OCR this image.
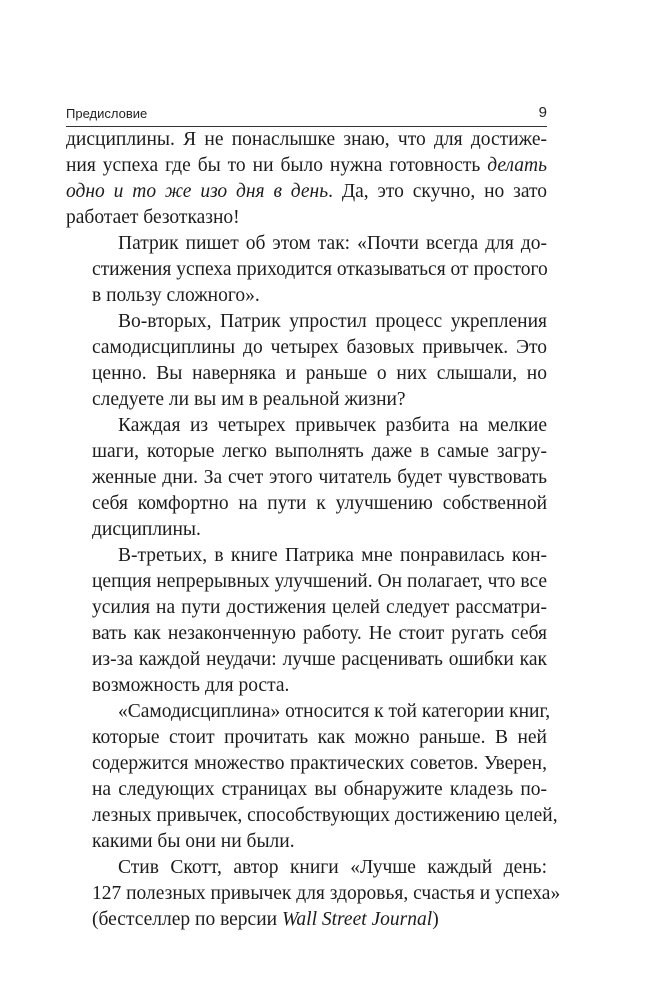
Предисловие	9
дисциплины. Я не понаслышке знаю, что для достиже-
ния успеха где бы то ни было нужна готовность делать
одно и то же изо дня в день. Да, это скучно, но зато
работает безотказно!
Патрик пишет об этом так: «Почти всегда для до-
стижения успеха приходится отказываться от простого
в пользу сложного».
Во-вторых, Патрик упростил процесс укрепления
самодисциплины до четырех базовых привычек. Это
ценно. Вы наверняка и раньше о них слышали, но
следуете ли вы им в реальной жизни?
Каждая из четырех привычек разбита на мелкие
шаги, которые легко выполнять даже в самые загру-
женные дни. За счет этого читатель будет чувствовать
себя комфортно на пути к улучшению собственной
дисциплины.
В-третьих, в книге Патрика мне понравилась кон-
цепция непрерывных улучшений. Он полагает, что все
усилия на пути достижения целей следует рассматри-
вать как незаконченную работу. Не стоит ругать себя
из-за каждой неудачи: лучше расценивать ошибки как
возможность для роста.
«Самодисциплина» относится к той категории книг,
которые стоит прочитать как можно раньше. В ней
содержится множество практических советов. Уверен,
на следующих страницах вы обнаружите кладезь по-
лезных привычек, способствующих достижению целей,
какими бы они ни были.
Стив Скотт, автор книги «Лучше каждый день:
127 полезных привычек для здоровья, счастья и успеха»
(бестселлер по версии Wall Street Journal)
